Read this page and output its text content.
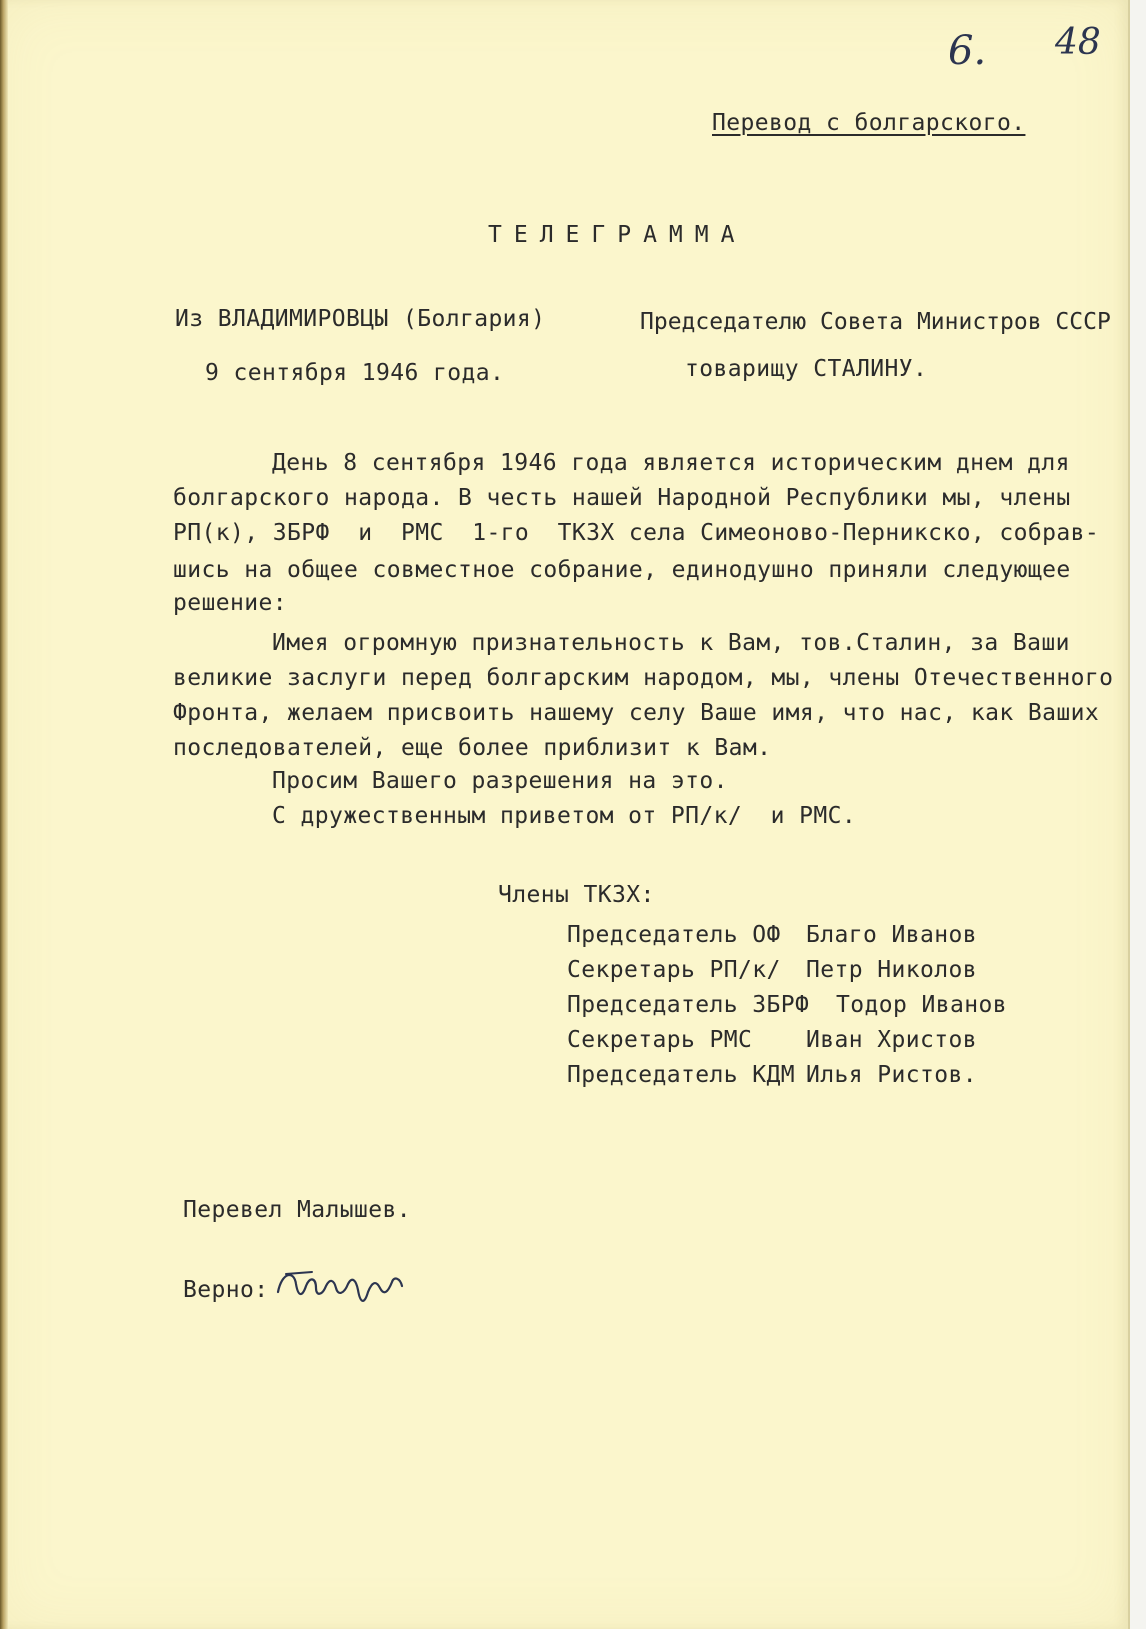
6. 48
Перевод с болгарского.
ТЕЛЕГРАММА
Из ВЛАДИМИРОВЦЫ (Болгария)
9 сентября 1946 года.
Председателю Совета Министров СССР
товарищу СТАЛИНУ.
День 8 сентября 1946 года является историческим днем для
болгарского народа. В честь нашей Народной Республики мы, члены
РП(к), ЗБРФ  и  РМС  1-го  ТКЗХ села Симеоново-Перникско, собрав-
шись на общее совместное собрание, единодушно приняли следующее
решение:
Имея огромную признательность к Вам, тов.Сталин, за Ваши
великие заслуги перед болгарским народом, мы, члены Отечественного
Фронта, желаем присвоить нашему селу Ваше имя, что нас, как Ваших
последователей, еще более приблизит к Вам.
Просим Вашего разрешения на это.
С дружественным приветом от РП/к/  и РМС.
Члены ТКЗХ:
Председатель ОФ Благо Иванов
Секретарь РП/к/ Петр Николов
Председатель ЗБРФ Тодор Иванов
Секретарь РМС Иван Христов
Председатель КДМ Илья Ристов.
Перевел Малышев.
Верно:
